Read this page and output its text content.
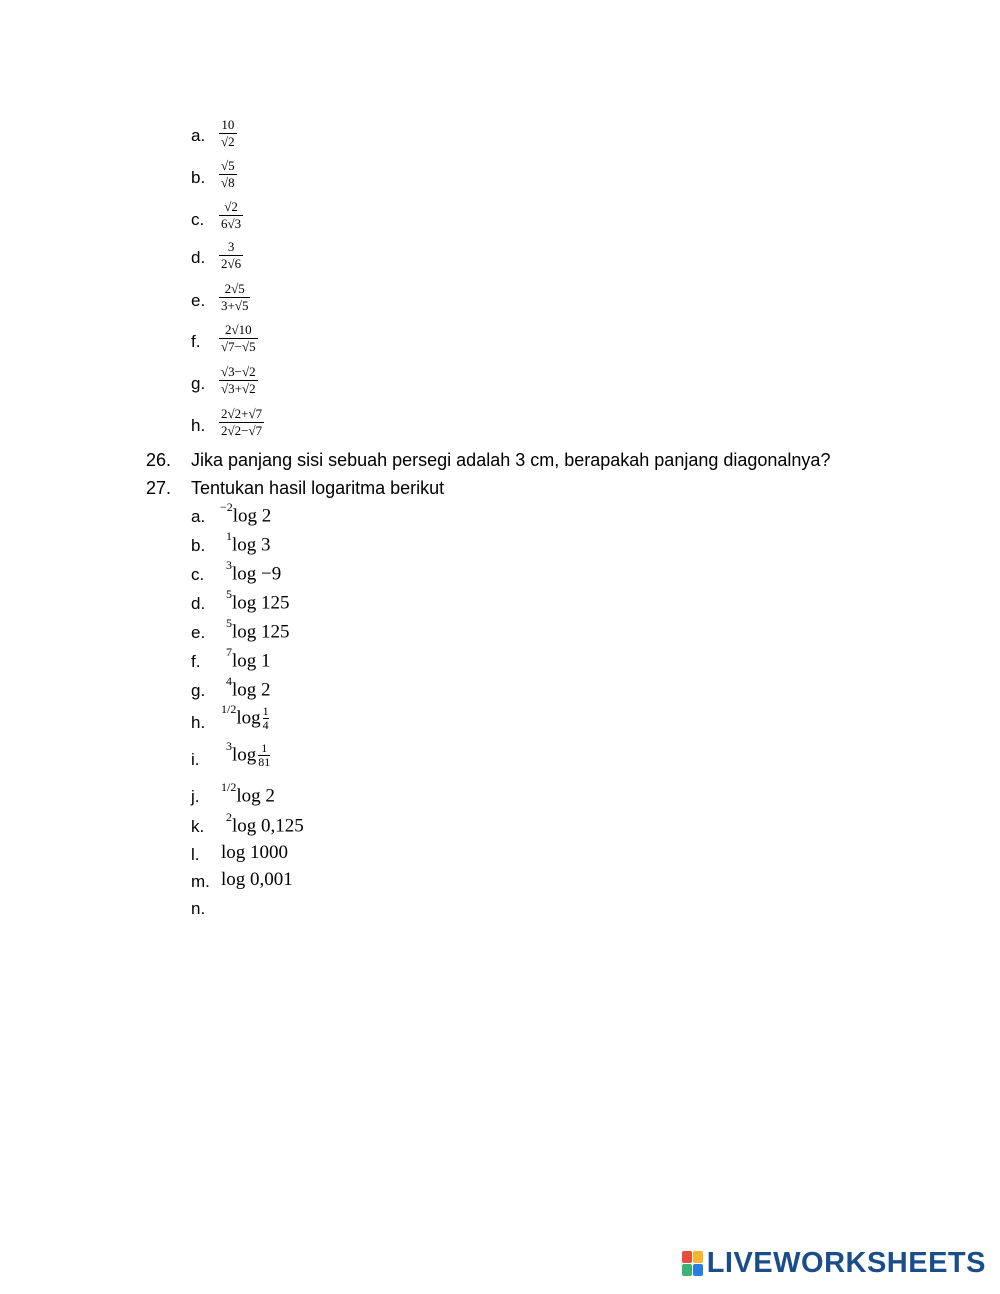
a. $\frac{10}{√2}$
b. $\frac{√5}{√8}$
c. $\frac{√2}{6√3}$
d. $\frac{3}{2√6}$
e. $\frac{2√5}{3+√5}$
f. $\frac{2√10}{√7-√5}$
g. $\frac{√3-√2}{√3+√2}$
h. $\frac{2√2+√7}{2√2-√7}$
26. Jika panjang sisi sebuah persegi adalah 3 cm, berapakah panjang diagonalnya?
27. Tentukan hasil logaritma berikut
a. $^{-2}$log 2
b. $^1$log 3
c. $^3$log −9
d. $^5$log 125
e. $^5$log 125
f. $^7$log 1
g. $^4$log 2
h.
$^{1/2}\log \frac{1}{4}$
i.
$^3\log \frac{1}{81}$
j. $^{1/2}$log 2
k. $^2$log 0,125
l. log 1000
m. log 0,001
n.
LIVEWORKSHEETS
